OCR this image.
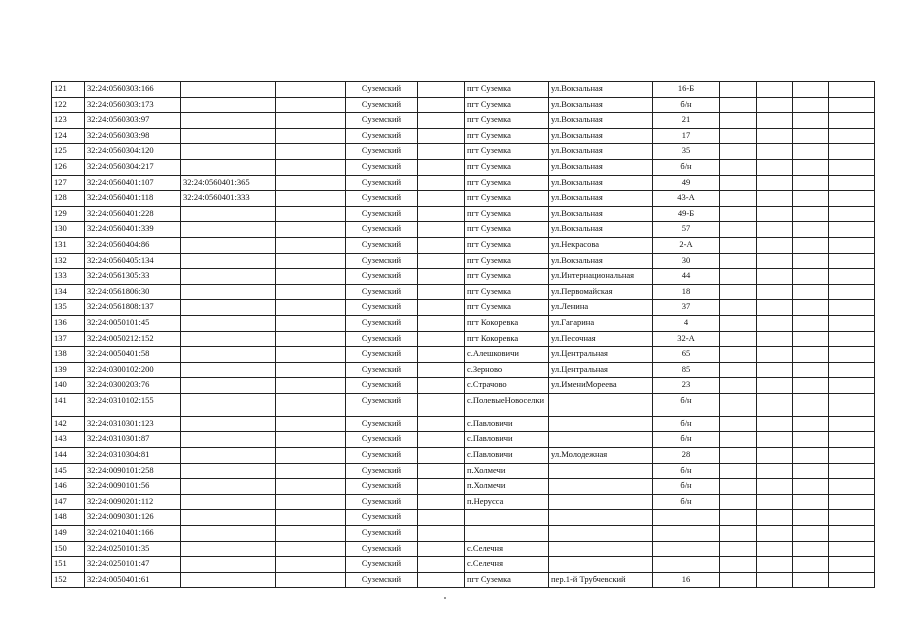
121	32:24:0560303:166			Суземский		пгт Суземка	ул.Вокзальная	16-Б				
122	32:24:0560303:173			Суземский		пгт Суземка	ул.Вокзальная	б/н				
123	32:24:0560303:97			Суземский		пгт Суземка	ул.Вокзальная	21				
124	32:24:0560303:98			Суземский		пгт Суземка	ул.Вокзальная	17				
125	32:24:0560304:120			Суземский		пгт Суземка	ул.Вокзальная	35				
126	32:24:0560304:217			Суземский		пгт Суземка	ул.Вокзальная	б/н				
127	32:24:0560401:107	32:24:0560401:365		Суземский		пгт Суземка	ул.Вокзальная	49				
128	32:24:0560401:118	32:24:0560401:333		Суземский		пгт Суземка	ул.Вокзальная	43-А				
129	32:24:0560401:228			Суземский		пгт Суземка	ул.Вокзальная	49-Б				
130	32:24:0560401:339			Суземский		пгт Суземка	ул.Вокзальная	57				
131	32:24:0560404:86			Суземский		пгт Суземка	ул.Некрасова	2-А				
132	32:24:0560405:134			Суземский		пгт Суземка	ул.Вокзальная	30				
133	32:24:0561305:33			Суземский		пгт Суземка	ул.Интернациональная	44				
134	32:24:0561806:30			Суземский		пгт Суземка	ул.Первомайская	18				
135	32:24:0561808:137			Суземский		пгт Суземка	ул.Ленина	37				
136	32:24:0050101:45			Суземский		пгт Кокоревка	ул.Гагарина	4				
137	32:24:0050212:152			Суземский		пгт Кокоревка	ул.Песочная	32-А				
138	32:24:0050401:58			Суземский		с.Алешковичи	ул.Центральная	65				
139	32:24:0300102:200			Суземский		с.Зерново	ул.Центральная	85				
140	32:24:0300203:76			Суземский		с.Страчово	ул.ИмениМореева	23				
141	32:24:0310102:155			Суземский		с.ПолевыеНовоселки		б/н				
142	32:24:0310301:123			Суземский		с.Павловичи		б/н				
143	32:24:0310301:87			Суземский		с.Павловичи		б/н				
144	32:24:0310304:81			Суземский		с.Павловичи	ул.Молодежная	28				
145	32:24:0090101:258			Суземский		п.Холмечи		б/н				
146	32:24:0090101:56			Суземский		п.Холмечи		б/н				
147	32:24:0090201:112			Суземский		п.Нерусса		б/н				
148	32:24:0090301:126			Суземский								
149	32:24:0210401:166			Суземский								
150	32:24:0250101:35			Суземский		с.Селечня						
151	32:24:0250101:47			Суземский		с.Селечня						
152	32:24:0050401:61			Суземский		пгт Суземка	пер.1-й Трубчевский	16				
